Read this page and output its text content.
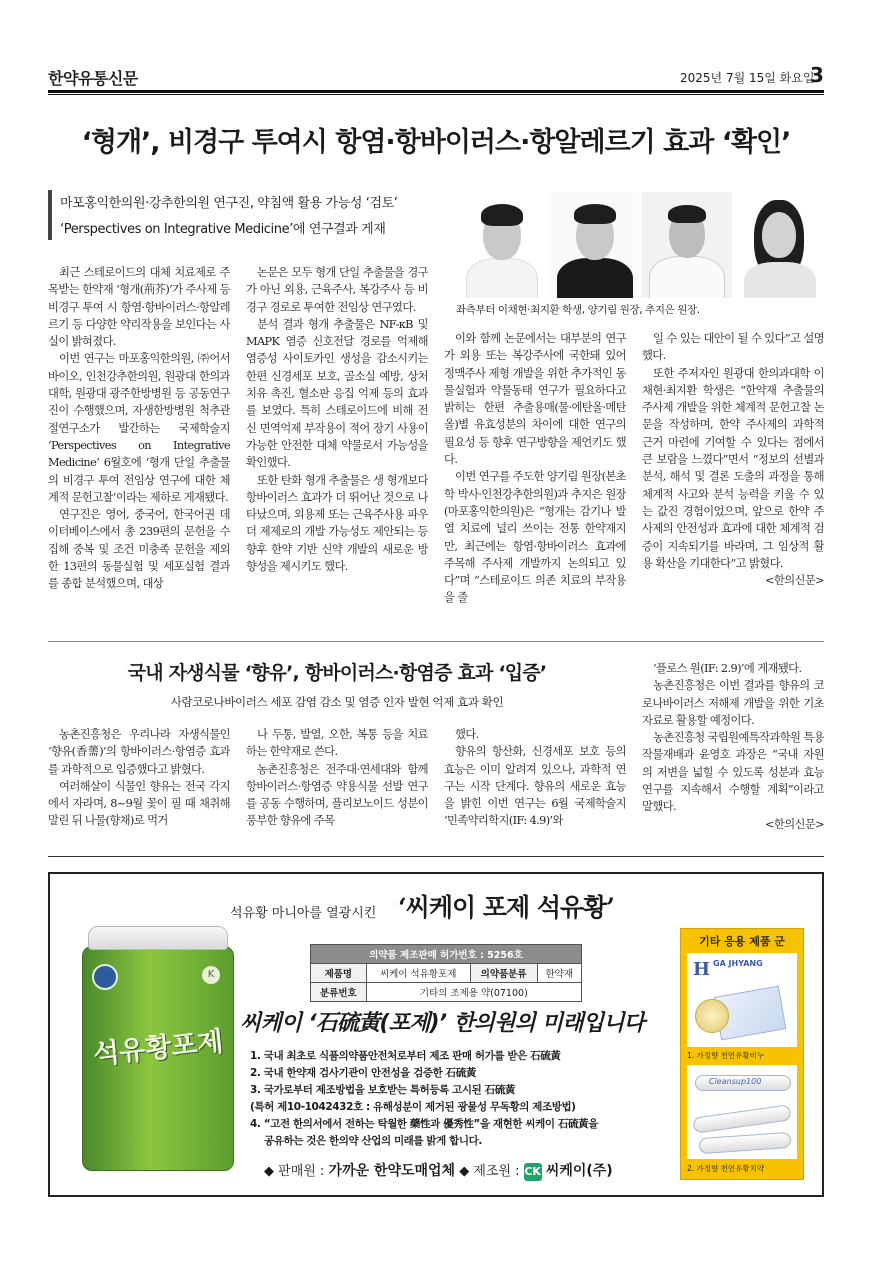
한약유통신문	2025년 7월 15일 화요일
3
‘형개’, 비경구 투여시 항염·항바이러스·항알레르기 효과 ‘확인’
마포홍익한의원·강추한의원 연구진, 약침액 활용 가능성 ‘검토’
‘Perspectives on Integrative Medicine’에 연구결과 게재
좌측부터 이채현·최지환 학생, 양기림 원장, 추지은 원장.

최근 스테로이드의 대체 치료제로 주목받는 한약재 ‘형개(荊芥)’가 주사제 등 비경구 투여 시 항염·항바이러스·항알레르기 등 다양한 약리작용을 보인다는 사실이 밝혀졌다.

이번 연구는 마포홍익한의원, ㈜어서바이오, 인천강추한의원, 원광대 한의과대학, 원광대 광주한방병원 등 공동연구진이 수행했으며, 자생한방병원 척추관절연구소가 발간하는 국제학술지 ‘Perspectives on Integrative Medicine’ 6월호에 ‘형개 단일 추출물의 비경구 투여 전임상 연구에 대한 체계적 문헌고찰’이라는 제하로 게재됐다.

연구진은 영어, 중국어, 한국어권 데이터베이스에서 총 239편의 문헌을 수집해 중복 및 조건 미충족 문헌을 제외한 13편의 동물실험 및 세포실험 결과를 종합 분석했으며, 대상

논문은 모두 형개 단일 추출물을 경구가 아닌 외용, 근육주사, 복강주사 등 비경구 경로로 투여한 전임상 연구였다.

분석 결과 형개 추출물은 NF-κB 및 MAPK 염증 신호전달 경로를 억제해 염증성 사이토카인 생성을 감소시키는 한편 신경세포 보호, 골소실 예방, 상처 치유 촉진, 혈소판 응집 억제 등의 효과를 보였다. 특히 스테로이드에 비해 전신 면역억제 부작용이 적어 장기 사용이 가능한 안전한 대체 약물로서 가능성을 확인했다.

또한 탄화 형개 추출물은 생 형개보다 항바이러스 효과가 더 뛰어난 것으로 나타났으며, 외용제 또는 근육주사용 파우더 제제로의 개발 가능성도 제안되는 등 향후 한약 기반 신약 개발의 새로운 방향성을 제시키도 했다.

이와 함께 논문에서는 대부분의 연구가 외용 또는 복강주사에 국한돼 있어 정맥주사 제형 개발을 위한 추가적인 동물실험과 약물동태 연구가 필요하다고 밝히는 한편 추출용매(물·에탄올·메탄올)별 유효성분의 차이에 대한 연구의 필요성 등 향후 연구방향을 제언키도 했다.

이번 연구를 주도한 양기림 원장(본초학 박사·인천강추한의원)과 추지은 원장(마포홍익한의원)은 “형개는 감기나 발열 치료에 널리 쓰이는 전통 한약재지만, 최근에는 항염·항바이러스 효과에 주목해 주사제 개발까지 논의되고 있다”며 “스테로이드 의존 치료의 부작용을 줄

일 수 있는 대안이 될 수 있다”고 설명했다.

또한 주저자인 원광대 한의과대학 이채현·최지환 학생은 “한약재 추출물의 주사제 개발을 위한 체계적 문헌고찰 논문을 작성하며, 한약 주사제의 과학적 근거 마련에 기여할 수 있다는 점에서 큰 보람을 느꼈다”면서 “정보의 선별과 분석, 해석 및 결론 도출의 과정을 통해 체계적 사고와 분석 능력을 키울 수 있는 값진 경험이었으며, 앞으로 한약 주사제의 안전성과 효과에 대한 체계적 검증이 지속되기를 바라며, 그 임상적 활용 확산을 기대한다”고 밝혔다.

<한의신문>

국내 자생식물 ‘향유’, 항바이러스·항염증 효과 ‘입증’
사람코로나바이러스 세포 감염 감소 및 염증 인자 발현 억제 효과 확인

농촌진흥청은 우리나라 자생식물인 ‘향유(香薷)’의 항바이러스·항염증 효과를 과학적으로 입증했다고 밝혔다.

여러해살이 식물인 향유는 전국 각지에서 자라며, 8~9월 꽃이 필 때 채취해 말린 뒤 나물(향채)로 먹거

나 두통, 발열, 오한, 복통 등을 치료하는 한약재로 쓴다.

농촌진흥청은 전주대·연세대와 함께 항바이러스·항염증 약용식물 선발 연구를 공동 수행하며, 플리보노이드 성분이 풍부한 향유에 주목

했다.

향유의 항산화, 신경세포 보호 등의 효능은 이미 알려져 있으나, 과학적 연구는 시작 단계다. 향유의 새로운 효능을 밝힌 이번 연구는 6월 국제학술지 ‘민족약리학지(IF: 4.9)’와

‘플로스 원(IF: 2.9)’에 게재됐다.

농촌진흥청은 이번 결과를 향유의 코로나바이러스 저해제 개발을 위한 기초 자료로 활용할 예정이다.

농촌진흥청 국립원예특작과학원 특용작물재배과 윤영호 과장은 “국내 자원의 저변을 넓힐 수 있도록 성분과 효능 연구를 지속해서 수행할 계획”이라고 말했다.

<한의신문>

석유황 마니아를 열광시킨 ‘씨케이 포제 석유황’
K
석유황포제
의약품 제조판매 허가번호 : 5256호			
제품명	씨케이 석유황포제	의약품분류	한약재
분류번호	기타의 조제용 약(07100)		
씨케이 ‘石硫黃(포제)’ 한의원의 미래입니다
1. 국내 최초로 식품의약품안전처로부터 제조 판매 허가를 받은 石硫黃
2. 국내 한약재 검사기관이 안전성을 검증한 石硫黃
3. 국가로부터 제조방법을 보호받는 특허등록 고시된 石硫黃
(특허 제10-1042432호 : 유해성분이 제거된 광물성 무독황의 제조방법)
4. “고전 한의서에서 전하는 탁월한 藥性과 優秀性”을 재현한 씨케이 石硫黃을
공유하는 것은 한의약 산업의 미래를 밝게 합니다.
◆ 판매원 : 가까운 한약도매업체 ◆ 제조원 : CK 씨케이(주)
기타 응용 제품 군
H GA JHYANG
1. 가정향 천연유황비누
Cleansup100
2. 가정향 천연유황치약
